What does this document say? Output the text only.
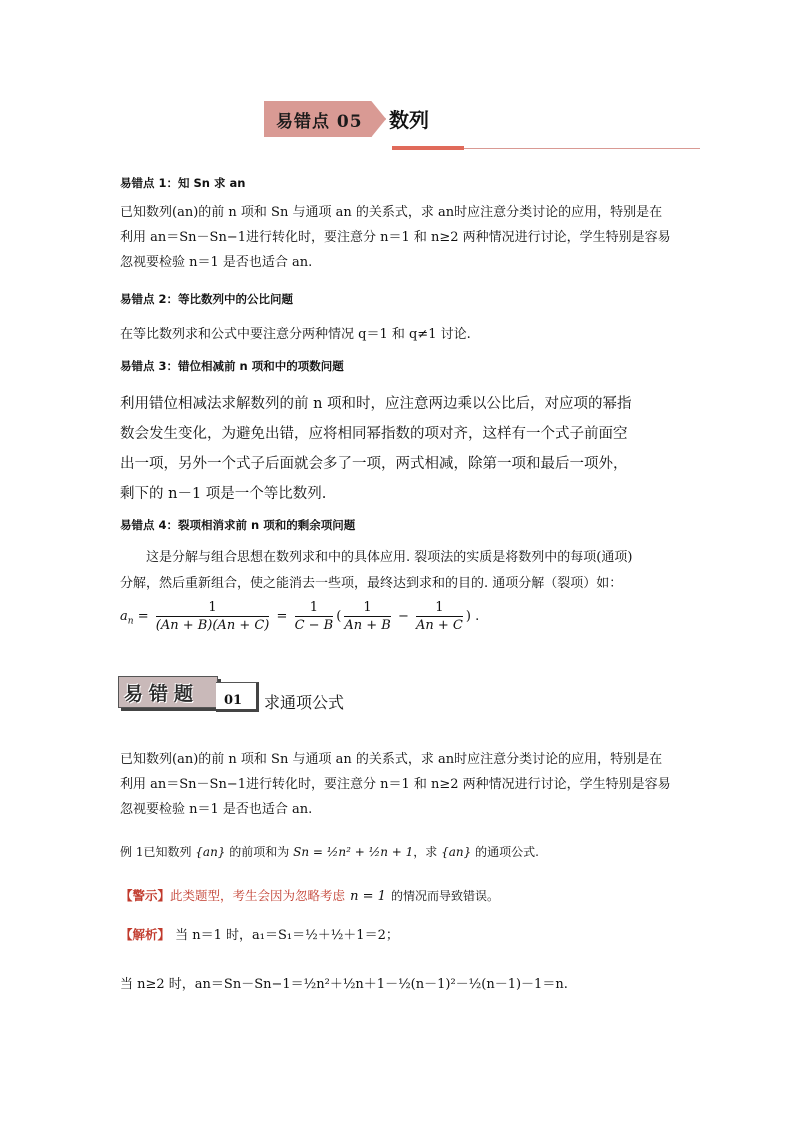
易错点 05 数列
易错点 1：知 Sn 求 an
已知数列(an)的前 n 项和 Sn 与通项 an 的关系式，求 an时应注意分类讨论的应用，特别是在
利用 an＝Sn－Sn−1进行转化时，要注意分 n＝1 和 n≥2 两种情况进行讨论，学生特别是容易
忽视要检验 n＝1 是否也适合 an.
易错点 2：等比数列中的公比问题
在等比数列求和公式中要注意分两种情况 q＝1 和 q≠1 讨论.
易错点 3：错位相减前 n 项和中的项数问题
利用错位相减法求解数列的前 n 项和时，应注意两边乘以公比后，对应项的幂指
数会发生变化，为避免出错，应将相同幂指数的项对齐，这样有一个式子前面空
出一项，另外一个式子后面就会多了一项，两式相减，除第一项和最后一项外，
剩下的 n－1 项是一个等比数列.
易错点 4：裂项相消求前 n 项和的剩余项问题
这是分解与组合思想在数列求和中的具体应用. 裂项法的实质是将数列中的每项(通项)
分解，然后重新组合，使之能消去一些项，最终达到求和的目的. 通项分解（裂项）如：
$a_n = \frac{1}{(An + B)(An + C)} = \frac{1}{C - B}$ ( $\frac{1}{An + B} - \frac{1}{An + C}$ ) .
易错题 01 求通项公式
已知数列(an)的前 n 项和 Sn 与通项 an 的关系式，求 an时应注意分类讨论的应用，特别是在
利用 an＝Sn－Sn−1进行转化时，要注意分 n＝1 和 n≥2 两种情况进行讨论，学生特别是容易
忽视要检验 n＝1 是否也适合 an.
例 1已知数列 {an} 的前项和为 Sn = ½n² + ½n + 1，求 {an} 的通项公式.
【警示】此类题型，考生会因为忽略考虑 n = 1 的情况而导致错误。
【解析】 当 n＝1 时，a₁＝S₁＝½＋½＋1＝2；
当 n≥2 时，an＝Sn－Sn−1＝½n²＋½n＋1－½(n－1)²－½(n－1)－1＝n.
